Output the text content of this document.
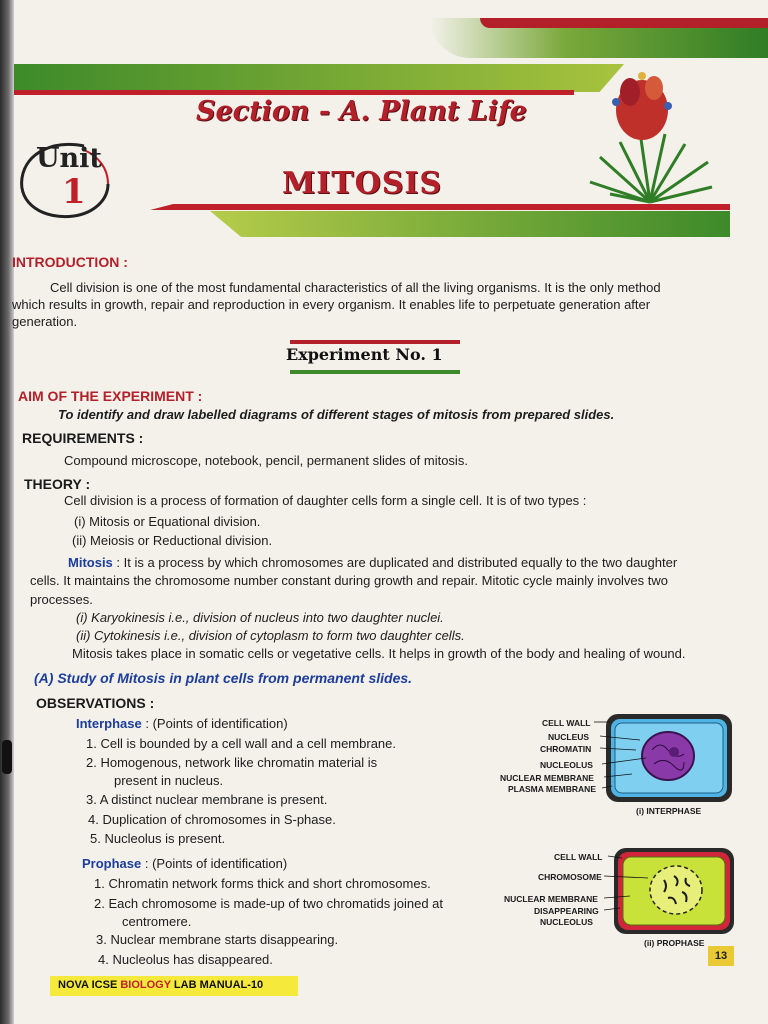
Section - A. Plant Life
Unit
1	MITOSIS
INTRODUCTION :
Cell division is one of the most fundamental characteristics of all the living organisms. It is the only method
which results in growth, repair and reproduction in every organism. It enables life to perpetuate generation after
generation.
Experiment No. 1
AIM OF THE EXPERIMENT :
To identify and draw labelled diagrams of different stages of mitosis from prepared slides.
REQUIREMENTS :
Compound microscope, notebook, pencil, permanent slides of mitosis.
THEORY :
Cell division is a process of formation of daughter cells form a single cell. It is of two types :
(i) Mitosis or Equational division.
(ii) Meiosis or Reductional division.
Mitosis : It is a process by which chromosomes are duplicated and distributed equally to the two daughter
cells. It maintains the chromosome number constant during growth and repair. Mitotic cycle mainly involves two
processes.
(i) Karyokinesis i.e., division of nucleus into two daughter nuclei.
(ii) Cytokinesis i.e., division of cytoplasm to form two daughter cells.
Mitosis takes place in somatic cells or vegetative cells. It helps in growth of the body and healing of wound.
(A) Study of Mitosis in plant cells from permanent slides.
OBSERVATIONS :
Interphase : (Points of identification)
1. Cell is bounded by a cell wall and a cell membrane.
2. Homogenous, network like chromatin material is
present in nucleus.
3. A distinct nuclear membrane is present.
4. Duplication of chromosomes in S-phase.
5. Nucleolus is present.
CELL WALL
NUCLEUS
CHROMATIN
NUCLEOLUS
NUCLEAR MEMBRANE
PLASMA MEMBRANE
(i) INTERPHASE
Prophase : (Points of identification)
1. Chromatin network forms thick and short chromosomes.
2. Each chromosome is made-up of two chromatids joined at
centromere.
3. Nuclear membrane starts disappearing.
4. Nucleolus has disappeared.
CELL WALL
CHROMOSOME
NUCLEAR MEMBRANE
DISAPPEARING
NUCLEOLUS
(ii) PROPHASE
13
NOVA ICSE BIOLOGY LAB MANUAL-10
